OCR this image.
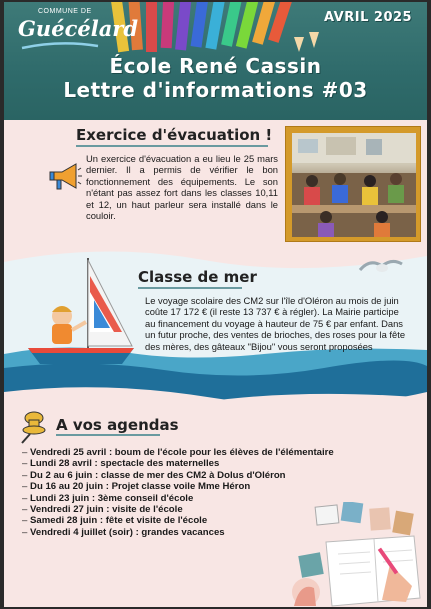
COMMUNE DE
Guécélard	AVRIL 2025
École René Cassin
Lettre d'informations #03
Exercice d'évacuation !
Un exercice d'évacuation a eu lieu le 25 mars dernier. Il a permis de vérifier le bon fonctionnement des équipements. Le son n'étant pas assez fort dans les classes 10,11 et 12, un haut parleur sera installé dans le couloir.
Classe de mer
Le voyage scolaire des CM2 sur l'île d'Oléron au mois de juin coûte 17 172 € (il reste 13 737 € à régler). La Mairie participe au financement du voyage à hauteur de 75 € par enfant. Dans un futur proche, des ventes de brioches, des roses pour la fête des mères, des gâteaux "Bijou" vous seront proposées
A vos agendas
– Vendredi 25 avril : boum de l'école pour les élèves de l'élémentaire
– Lundi 28 avril : spectacle des maternelles
– Du 2 au 6 juin : classe de mer des CM2 à Dolus d'Oléron
– Du 16 au 20 juin : Projet classe voile Mme Héron
– Lundi 23 juin : 3ème conseil d'école
– Vendredi 27 juin : visite de l'école
– Samedi 28 juin : fête et visite de l'école
– Vendredi 4 juillet (soir) : grandes vacances
